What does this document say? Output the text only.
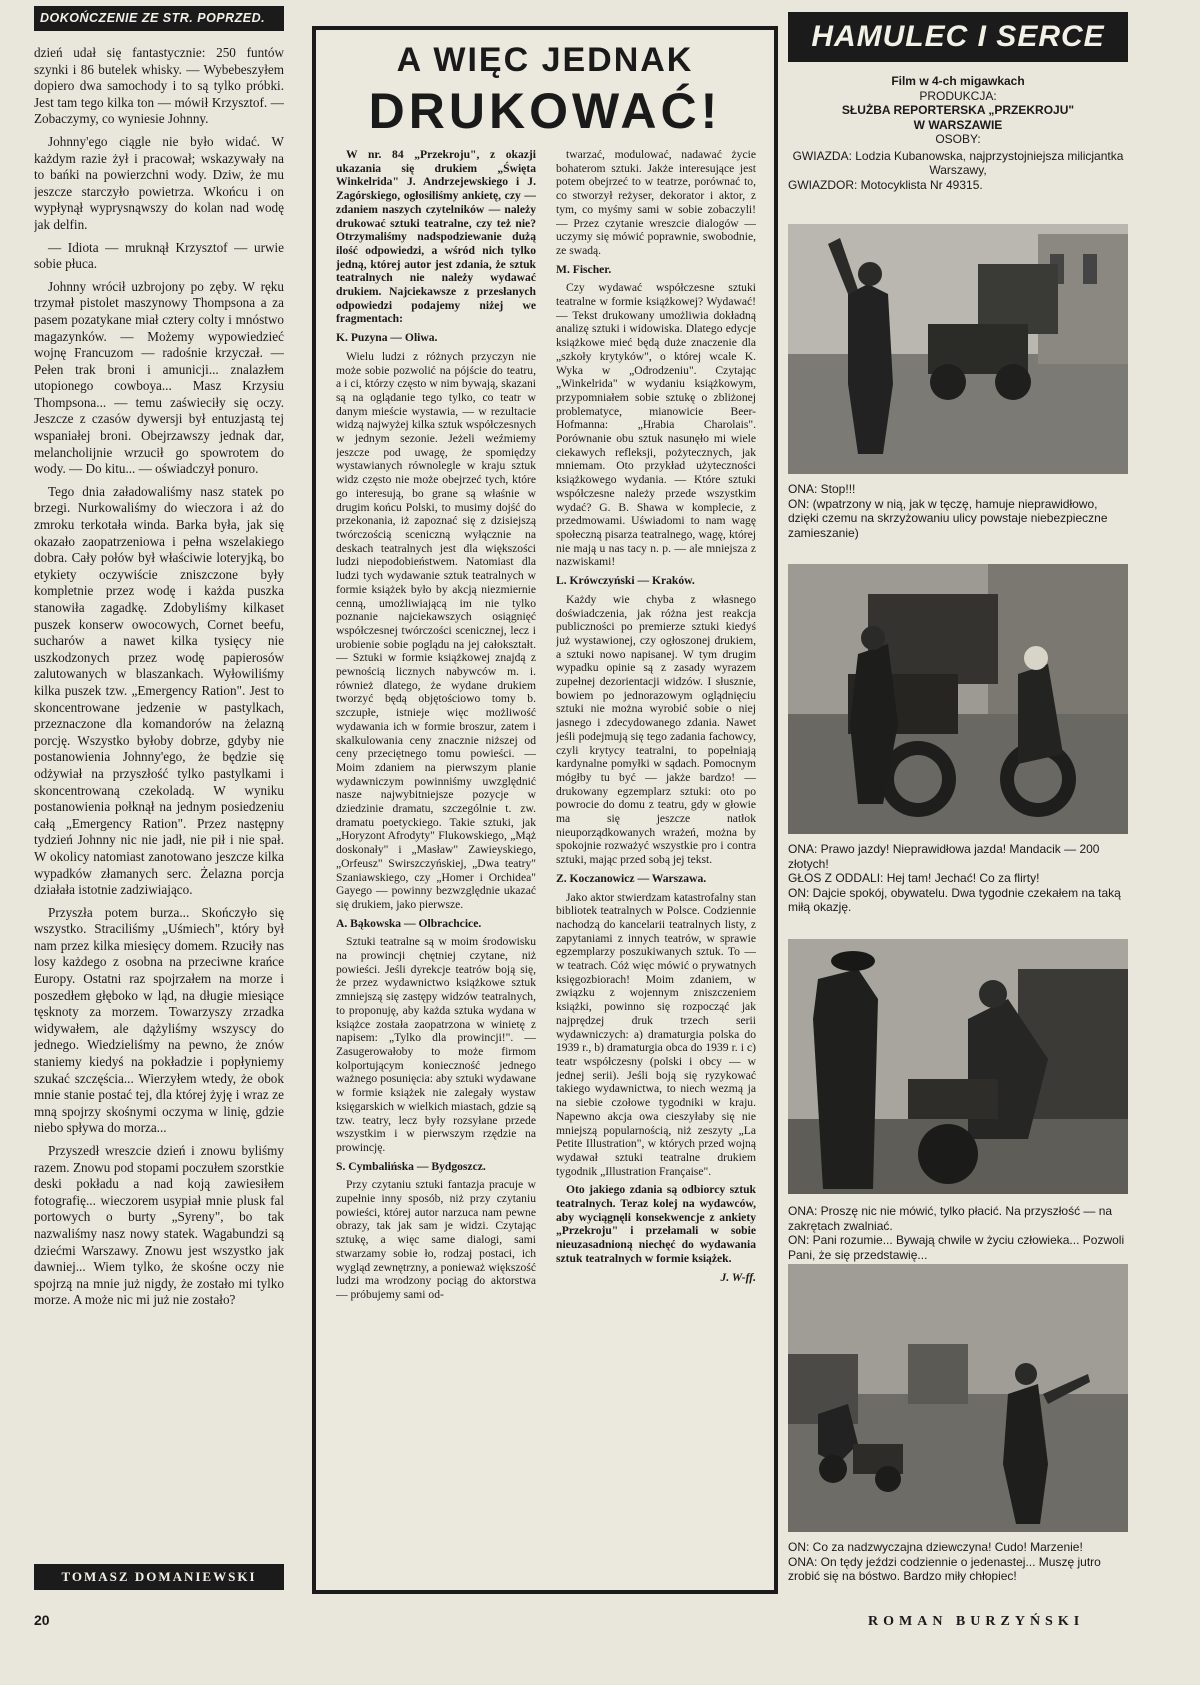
DOKOŃCZENIE ZE STR. POPRZED.

dzień udał się fantastycznie: 250 funtów szynki i 86 butelek whisky. — Wybebeszyłem dopiero dwa samochody i to są tylko próbki. Jest tam tego kilka ton — mówił Krzysztof. — Zobaczymy, co wyniesie Johnny.

Johnny'ego ciągle nie było widać. W każdym razie żył i pracował; wskazywały na to bańki na powierzchni wody. Dziw, że mu jeszcze starczyło powietrza. Wkońcu i on wypłynął wyprysnąwszy do kolan nad wodę jak delfin.

— Idiota — mruknął Krzysztof — urwie sobie płuca.

Johnny wrócił uzbrojony po zęby. W ręku trzymał pistolet maszynowy Thompsona a za pasem pozatykane miał cztery colty i mnóstwo magazynków. — Możemy wypowiedzieć wojnę Francuzom — radośnie krzyczał. — Pełen trak broni i amunicji... znalazłem utopionego cowboya... Masz Krzysiu Thompsona... — temu zaświeciły się oczy. Jeszcze z czasów dywersji był entuzjastą tej wspaniałej broni. Obejrzawszy jednak dar, melancholijnie wrzucił go spowrotem do wody. — Do kitu... — oświadczył ponuro.

Tego dnia załadowaliśmy nasz statek po brzegi. Nurkowaliśmy do wieczora i aż do zmroku terkotała winda. Barka była, jak się okazało zaopatrzeniowa i pełna wszelakiego dobra. Cały połów był właściwie loteryjką, bo etykiety oczywiście zniszczone były kompletnie przez wodę i każda puszka stanowiła zagadkę. Zdobyliśmy kilkaset puszek konserw owocowych, Cornet beefu, sucharów a nawet kilka tysięcy nie uszkodzonych przez wodę papierosów zalutowanych w blaszankach. Wyłowiliśmy kilka puszek tzw. „Emergency Ration". Jest to skoncentrowane jedzenie w pastylkach, przeznaczone dla komandorów na żelazną porcję. Wszystko byłoby dobrze, gdyby nie postanowienia Johnny'ego, że będzie się odżywiał na przyszłość tylko pastylkami i skoncentrowaną czekoladą. W wyniku postanowienia połknął na jednym posiedzeniu całą „Emergency Ration". Przez następny tydzień Johnny nic nie jadł, nie pił i nie spał. W okolicy natomiast zanotowano jeszcze kilka wypadków złamanych serc. Żelazna porcja działała istotnie zadziwiająco.

Przyszła potem burza... Skończyło się wszystko. Straciliśmy „Uśmiech", który był nam przez kilka miesięcy domem. Rzuciły nas losy każdego z osobna na przeciwne krańce Europy. Ostatni raz spojrzałem na morze i poszedłem głęboko w ląd, na długie miesiące tęsknoty za morzem. Towarzyszy zrzadka widywałem, ale dążyliśmy wszyscy do jednego. Wiedzieliśmy na pewno, że znów staniemy kiedyś na pokładzie i popłyniemy szukać szczęścia... Wierzyłem wtedy, że obok mnie stanie postać tej, dla której żyję i wraz ze mną spojrzy skośnymi oczyma w linię, gdzie niebo spływa do morza...

Przyszedł wreszcie dzień i znowu byliśmy razem. Znowu pod stopami poczułem szorstkie deski pokładu a nad koją zawiesiłem fotografię... wieczorem usypiał mnie plusk fal portowych o burty „Syreny", bo tak nazwaliśmy nasz nowy statek. Wagabundzi są dziećmi Warszawy. Znowu jest wszystko jak dawniej... Wiem tylko, że skośne oczy nie spojrzą na mnie już nigdy, że zostało mi tylko morze. A może nic mi już nie zostało?

TOMASZ DOMANIEWSKI
20
A WIĘC JEDNAK
DRUKOWAĆ!

W nr. 84 „Przekroju", z okazji ukazania się drukiem „Święta Winkelrida" J. Andrzejewskiego i J. Zagórskiego, ogłosiliśmy ankietę, czy — zdaniem naszych czytelników — należy drukować sztuki teatralne, czy też nie? Otrzymaliśmy nadspodziewanie dużą ilość odpowiedzi, a wśród nich tylko jedną, której autor jest zdania, że sztuk teatralnych nie należy wydawać drukiem. Najciekawsze z przesłanych odpowiedzi podajemy niżej we fragmentach:

K. Puzyna — Oliwa.

Wielu ludzi z różnych przyczyn nie może sobie pozwolić na pójście do teatru, a i ci, którzy często w nim bywają, skazani są na oglądanie tego tylko, co teatr w danym mieście wystawia, — w rezultacie widzą najwyżej kilka sztuk współczesnych w jednym sezonie. Jeżeli weźmiemy jeszcze pod uwagę, że spomiędzy wystawianych równolegle w kraju sztuk widz często nie może obejrzeć tych, które go interesują, bo grane są właśnie w drugim końcu Polski, to musimy dojść do przekonania, iż zapoznać się z dzisiejszą twórczością sceniczną wyłącznie na deskach teatralnych jest dla większości ludzi niepodobieństwem. Natomiast dla ludzi tych wydawanie sztuk teatralnych w formie książek było by akcją niezmiernie cenną, umożliwiającą im nie tylko poznanie najciekawszych osiągnięć współczesnej twórczości scenicznej, lecz i urobienie sobie poglądu na jej całokształt. — Sztuki w formie książkowej znajdą z pewnością licznych nabywców m. i. również dlatego, że wydane drukiem tworzyć będą objętościowo tomy b. szczupłe, istnieje więc możliwość wydawania ich w formie broszur, zatem i skalkulowania ceny znacznie niższej od ceny przeciętnego tomu powieści. — Moim zdaniem na pierwszym planie wydawniczym powinniśmy uwzględnić nasze najwybitniejsze pozycje w dziedzinie dramatu, szczególnie t. zw. dramatu poetyckiego. Takie sztuki, jak „Horyzont Afrodyty" Flukowskiego, „Mąż doskonały" i „Masław" Zawieyskiego, „Orfeusz" Swirszczyńskiej, „Dwa teatry" Szaniawskiego, czy „Homer i Orchidea" Gayego — powinny bezwzględnie ukazać się drukiem, jako pierwsze.

A. Bąkowska — Olbrachcice.

Sztuki teatralne są w moim środowisku na prowincji chętniej czytane, niż powieści. Jeśli dyrekcje teatrów boją się, że przez wydawnictwo książkowe sztuk zmniejszą się zastępy widzów teatralnych, to proponuję, aby każda sztuka wydana w książce została zaopatrzona w winietę z napisem: „Tylko dla prowincji!". — Zasugerowałoby to może firmom kolportującym konieczność jednego ważnego posunięcia: aby sztuki wydawane w formie książek nie zalegały wystaw księgarskich w wielkich miastach, gdzie są tzw. teatry, lecz były rozsyłane przede wszystkim i w pierwszym rzędzie na prowincję.

S. Cymbalińska — Bydgoszcz.

Przy czytaniu sztuki fantazja pracuje w zupełnie inny sposób, niż przy czytaniu powieści, której autor narzuca nam pewne obrazy, tak jak sam je widzi. Czytając sztukę, a więc same dialogi, sami stwarzamy sobie ło, rodzaj postaci, ich wygląd zewnętrzny, a ponieważ większość ludzi ma wrodzony pociąg do aktorstwa — próbujemy sami od-

twarzać, modulować, nadawać życie bohaterom sztuki. Jakże interesujące jest potem obejrzeć to w teatrze, porównać to, co stworzył reżyser, dekorator i aktor, z tym, co myśmy sami w sobie zobaczyli! — Przez czytanie wreszcie dialogów — uczymy się mówić poprawnie, swobodnie, ze swadą.

M. Fischer.

Czy wydawać współczesne sztuki teatralne w formie książkowej? Wydawać! — Tekst drukowany umożliwia dokładną analizę sztuki i widowiska. Dlatego edycje książkowe mieć będą duże znaczenie dla „szkoły krytyków", o której wcale K. Wyka w „Odrodzeniu". Czytając „Winkelrida" w wydaniu książkowym, przypomniałem sobie sztukę o zbliżonej problematyce, mianowicie Beer-Hofmanna: „Hrabia Charolais". Porównanie obu sztuk nasunęło mi wiele ciekawych refleksji, pożytecznych, jak mniemam. Oto przykład użyteczności książkowego wydania. — Które sztuki współczesne należy przede wszystkim wydać? G. B. Shawa w komplecie, z przedmowami. Uświadomi to nam wagę społeczną pisarza teatralnego, wagę, której nie mają u nas tacy n. p. — ale mniejsza z nazwiskami!

L. Krówczyński — Kraków.

Każdy wie chyba z własnego doświadczenia, jak różna jest reakcja publiczności po premierze sztuki kiedyś już wystawionej, czy ogłoszonej drukiem, a sztuki nowo napisanej. W tym drugim wypadku opinie są z zasady wyrazem zupełnej dezorientacji widzów. I słusznie, bowiem po jednorazowym oglądnięciu sztuki nie można wyrobić sobie o niej jasnego i zdecydowanego zdania. Nawet jeśli podejmują się tego zadania fachowcy, czyli krytycy teatralni, to popełniają kardynalne pomyłki w sądach. Pomocnym mógłby tu być — jakże bardzo! — drukowany egzemplarz sztuki: oto po powrocie do domu z teatru, gdy w głowie ma się jeszcze natłok nieuporządkowanych wrażeń, można by spokojnie rozważyć wszystkie pro i contra sztuki, mając przed sobą jej tekst.

Z. Koczanowicz — Warszawa.

Jako aktor stwierdzam katastrofalny stan bibliotek teatralnych w Polsce. Codziennie nachodzą do kancelarii teatralnych listy, z zapytaniami z innych teatrów, w sprawie egzemplarzy poszukiwanych sztuk. To — w teatrach. Cóż więc mówić o prywatnych księgozbiorach! Moim zdaniem, w związku z wojennym zniszczeniem książki, powinno się rozpocząć jak najprędzej druk trzech serii wydawniczych: a) dramaturgia polska do 1939 r., b) dramaturgia obca do 1939 r. i c) teatr współczesny (polski i obcy — w jednej serii). Jeśli boją się ryzykować takiego wydawnictwa, to niech wezmą ja na siebie czołowe tygodniki w kraju. Napewno akcja owa cieszyłaby się nie mniejszą popularnością, niż zeszyty „La Petite Illustration", w których przed wojną wydawał sztuki teatralne drukiem tygodnik „Illustration Française".

Oto jakiego zdania są odbiorcy sztuk teatralnych. Teraz kolej na wydawców, aby wyciągnęli konsekwencje z ankiety „Przekroju" i przełamali w sobie nieuzasadnioną niechęć do wydawania sztuk teatralnych w formie książek.

J. W-ff.
HAMULEC I SERCE
Film w 4-ch migawkach
PRODUKCJA:
SŁUŻBA REPORTERSKA „PRZEKROJU"
W WARSZAWIE
OSOBY:
GWIAZDA: Lodzia Kubanowska, najprzystojniejsza milicjantka Warszawy,
GWIAZDOR: Motocyklista Nr 49315.
ONA: Stop!!!
ON: (wpatrzony w nią, jak w tęczę, hamuje nieprawidłowo, dzięki czemu na skrzyżowaniu ulicy powstaje niebezpieczne zamieszanie)
ONA: Prawo jazdy! Nieprawidłowa jazda! Mandacik — 200 złotych!
GŁOS Z ODDALI: Hej tam! Jechać! Co za flirty!
ON: Dajcie spokój, obywatelu. Dwa tygodnie czekałem na taką miłą okazję.
ONA: Proszę nic nie mówić, tylko płacić. Na przyszłość — na zakrętach zwalniać.
ON: Pani rozumie... Bywają chwile w życiu człowieka... Pozwoli Pani, że się przedstawię...
ON: Co za nadzwyczajna dziewczyna! Cudo! Marzenie!
ONA: On tędy jeździ codziennie o jedenastej... Muszę jutro zrobić się na bóstwo. Bardzo miły chłopiec!
ROMAN BURZYŃSKI
